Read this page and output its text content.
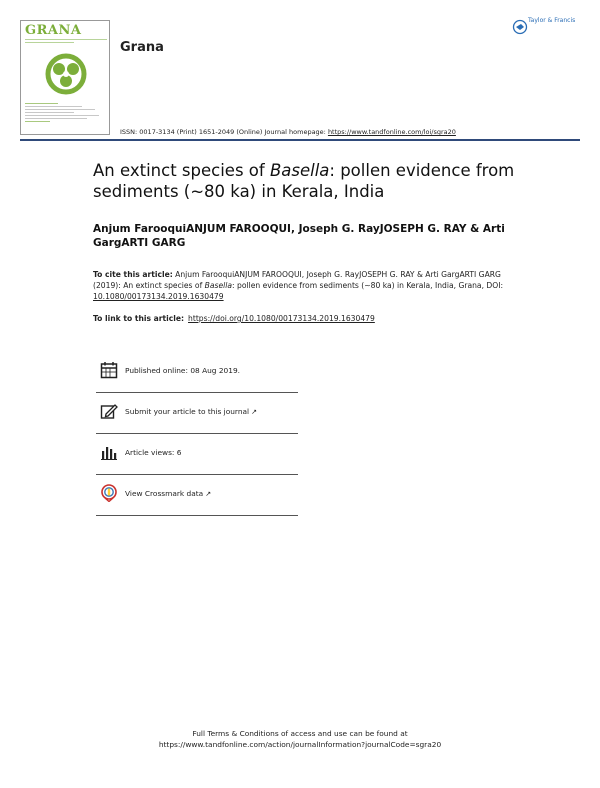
GRANA
Grana
Taylor & Francis
ISSN: 0017-3134 (Print) 1651-2049 (Online) Journal homepage: https://www.tandfonline.com/loi/sgra20
An extinct species of Basella: pollen evidence from sediments (~80 ka) in Kerala, India
Anjum FarooquiANJUM FAROOQUI, Joseph G. RayJOSEPH G. RAY & Arti GargARTI GARG
To cite this article: Anjum FarooquiANJUM FAROOQUI, Joseph G. RayJOSEPH G. RAY & Arti GargARTI GARG (2019): An extinct species of Basella: pollen evidence from sediments (~80 ka) in Kerala, India, Grana, DOI: 10.1080/00173134.2019.1630479
To link to this article: https://doi.org/10.1080/00173134.2019.1630479
Published online: 08 Aug 2019.
Submit your article to this journal ↗
Article views: 6
View Crossmark data ↗
Full Terms & Conditions of access and use can be found at
https://www.tandfonline.com/action/journalInformation?journalCode=sgra20
